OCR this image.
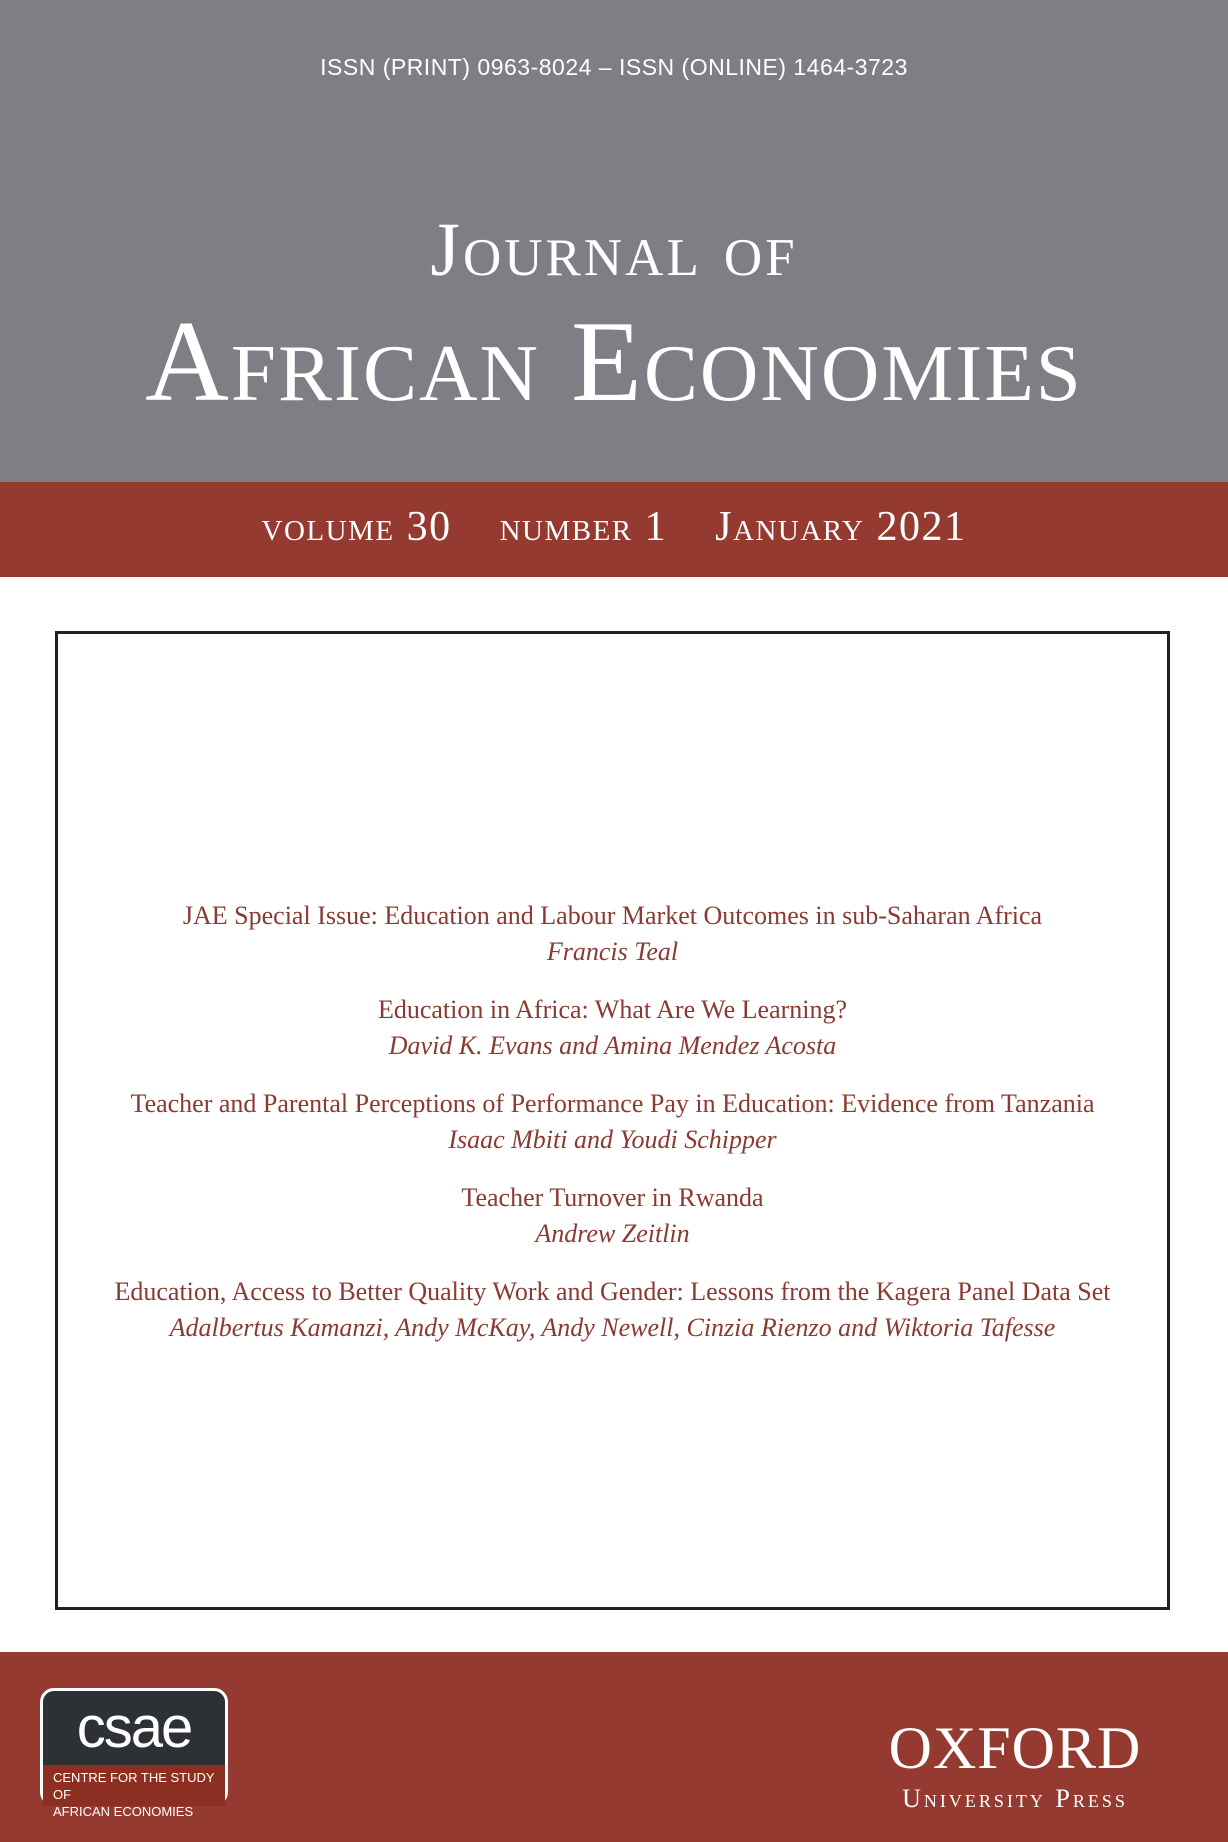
ISSN (PRINT) 0963-8024 – ISSN (ONLINE) 1464-3723
Journal of
African Economies
volume 30 number 1 January 2021
JAE Special Issue: Education and Labour Market Outcomes in sub-Saharan Africa
Francis Teal
Education in Africa: What Are We Learning?
David K. Evans and Amina Mendez Acosta
Teacher and Parental Perceptions of Performance Pay in Education: Evidence from Tanzania
Isaac Mbiti and Youdi Schipper
Teacher Turnover in Rwanda
Andrew Zeitlin
Education, Access to Better Quality Work and Gender: Lessons from the Kagera Panel Data Set
Adalbertus Kamanzi, Andy McKay, Andy Newell, Cinzia Rienzo and Wiktoria Tafesse
csae
CENTRE FOR THE STUDY OF
AFRICAN ECONOMIES
OXFORD
University Press
